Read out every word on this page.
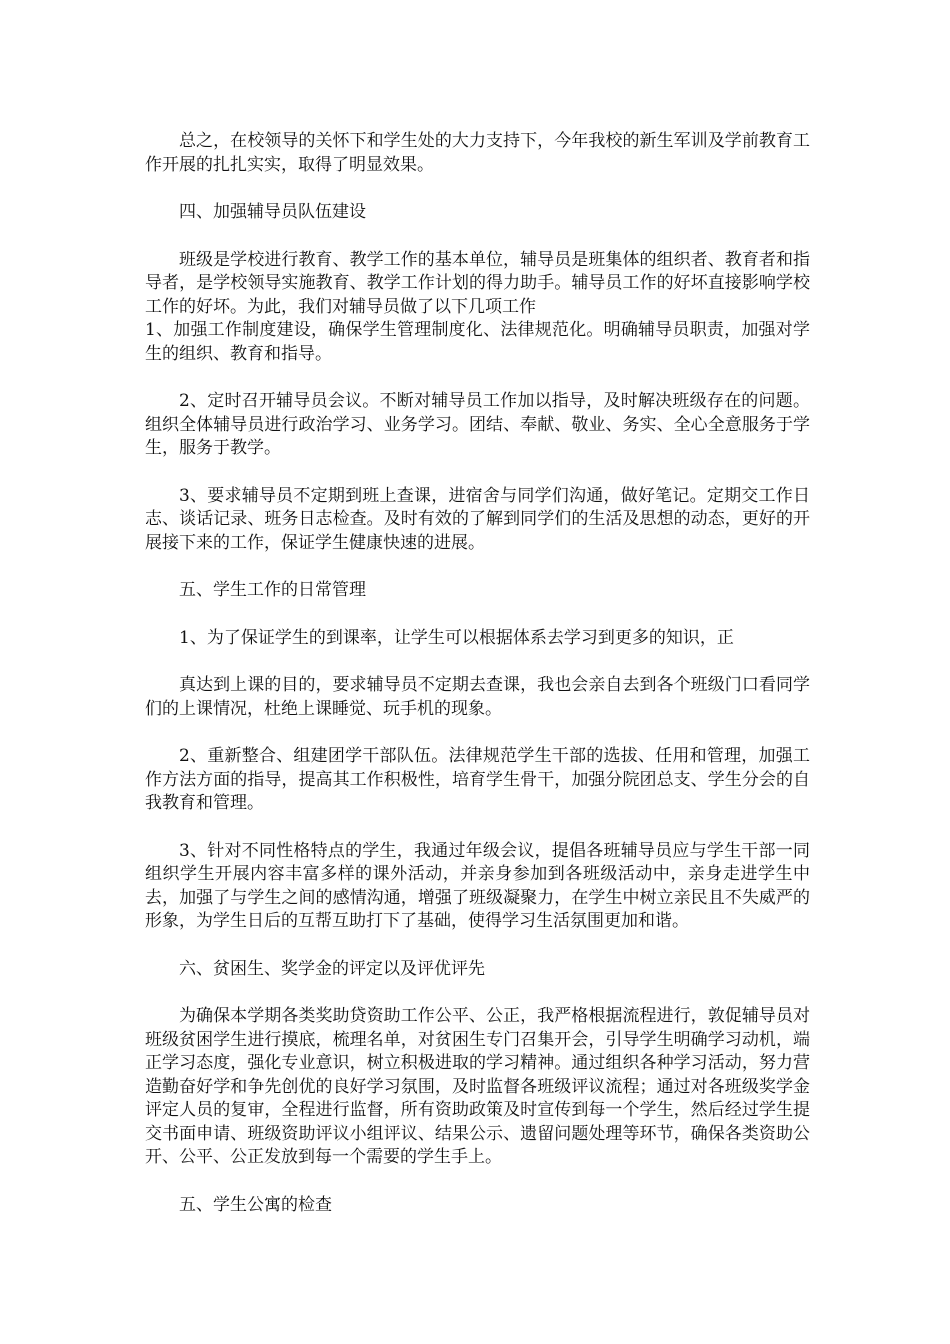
总之，在校领导的关怀下和学生处的大力支持下，今年我校的新生军训及学前教育工作开展的扎扎实实，取得了明显效果。

四、加强辅导员队伍建设

班级是学校进行教育、教学工作的基本单位，辅导员是班集体的组织者、教育者和指导者，是学校领导实施教育、教学工作计划的得力助手。辅导员工作的好坏直接影响学校工作的好坏。为此，我们对辅导员做了以下几项工作
1、加强工作制度建设，确保学生管理制度化、法律规范化。明确辅导员职责，加强对学生的组织、教育和指导。

2、定时召开辅导员会议。不断对辅导员工作加以指导，及时解决班级存在的问题。组织全体辅导员进行政治学习、业务学习。团结、奉献、敬业、务实、全心全意服务于学生，服务于教学。

3、要求辅导员不定期到班上查课，进宿舍与同学们沟通，做好笔记。定期交工作日志、谈话记录、班务日志检查。及时有效的了解到同学们的生活及思想的动态，更好的开展接下来的工作，保证学生健康快速的进展。

五、学生工作的日常管理

1、为了保证学生的到课率，让学生可以根据体系去学习到更多的知识，正

真达到上课的目的，要求辅导员不定期去查课，我也会亲自去到各个班级门口看同学们的上课情况，杜绝上课睡觉、玩手机的现象。

2、重新整合、组建团学干部队伍。法律规范学生干部的选拔、任用和管理，加强工作方法方面的指导，提高其工作积极性，培育学生骨干，加强分院团总支、学生分会的自我教育和管理。

3、针对不同性格特点的学生，我通过年级会议，提倡各班辅导员应与学生干部一同组织学生开展内容丰富多样的课外活动，并亲身参加到各班级活动中，亲身走进学生中去，加强了与学生之间的感情沟通，增强了班级凝聚力，在学生中树立亲民且不失威严的形象，为学生日后的互帮互助打下了基础，使得学习生活氛围更加和谐。

六、贫困生、奖学金的评定以及评优评先

为确保本学期各类奖助贷资助工作公平、公正，我严格根据流程进行，敦促辅导员对班级贫困学生进行摸底，梳理名单，对贫困生专门召集开会，引导学生明确学习动机，端正学习态度，强化专业意识，树立积极进取的学习精神。通过组织各种学习活动，努力营造勤奋好学和争先创优的良好学习氛围，及时监督各班级评议流程；通过对各班级奖学金评定人员的复审，全程进行监督，所有资助政策及时宣传到每一个学生，然后经过学生提交书面申请、班级资助评议小组评议、结果公示、遗留问题处理等环节，确保各类资助公开、公平、公正发放到每一个需要的学生手上。

五、学生公寓的检查
